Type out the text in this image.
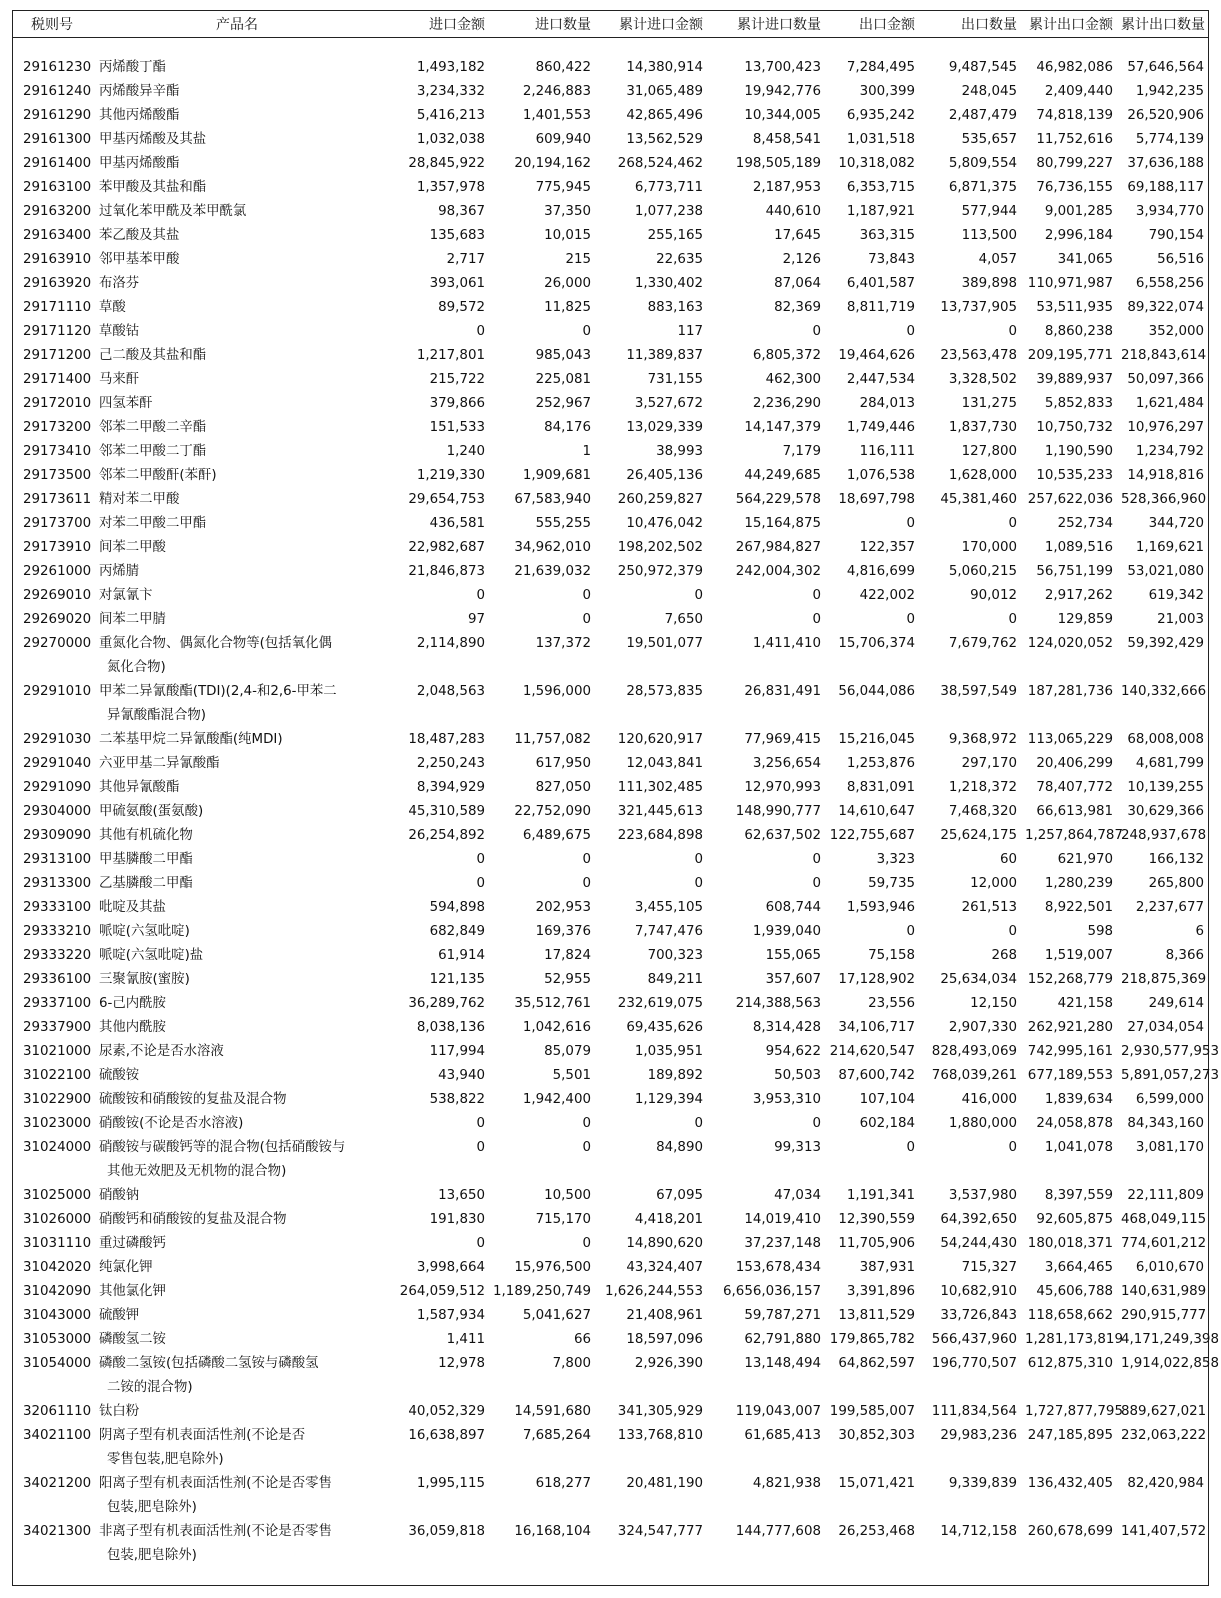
税则号	产品名	进口金额	进口数量	累计进口金额	累计进口数量	出口金额	出口数量	累计出口金额	累计出口数量

29161230	丙烯酸丁酯	1,493,182	860,422	14,380,914	13,700,423	7,284,495	9,487,545	46,982,086	57,646,564
29161240	丙烯酸异辛酯	3,234,332	2,246,883	31,065,489	19,942,776	300,399	248,045	2,409,440	1,942,235
29161290	其他丙烯酸酯	5,416,213	1,401,553	42,865,496	10,344,005	6,935,242	2,487,479	74,818,139	26,520,906
29161300	甲基丙烯酸及其盐	1,032,038	609,940	13,562,529	8,458,541	1,031,518	535,657	11,752,616	5,774,139
29161400	甲基丙烯酸酯	28,845,922	20,194,162	268,524,462	198,505,189	10,318,082	5,809,554	80,799,227	37,636,188
29163100	苯甲酸及其盐和酯	1,357,978	775,945	6,773,711	2,187,953	6,353,715	6,871,375	76,736,155	69,188,117
29163200	过氧化苯甲酰及苯甲酰氯	98,367	37,350	1,077,238	440,610	1,187,921	577,944	9,001,285	3,934,770
29163400	苯乙酸及其盐	135,683	10,015	255,165	17,645	363,315	113,500	2,996,184	790,154
29163910	邻甲基苯甲酸	2,717	215	22,635	2,126	73,843	4,057	341,065	56,516
29163920	布洛芬	393,061	26,000	1,330,402	87,064	6,401,587	389,898	110,971,987	6,558,256
29171110	草酸	89,572	11,825	883,163	82,369	8,811,719	13,737,905	53,511,935	89,322,074
29171120	草酸钴	0	0	117	0	0	0	8,860,238	352,000
29171200	己二酸及其盐和酯	1,217,801	985,043	11,389,837	6,805,372	19,464,626	23,563,478	209,195,771	218,843,614
29171400	马来酐	215,722	225,081	731,155	462,300	2,447,534	3,328,502	39,889,937	50,097,366
29172010	四氢苯酐	379,866	252,967	3,527,672	2,236,290	284,013	131,275	5,852,833	1,621,484
29173200	邻苯二甲酸二辛酯	151,533	84,176	13,029,339	14,147,379	1,749,446	1,837,730	10,750,732	10,976,297
29173410	邻苯二甲酸二丁酯	1,240	1	38,993	7,179	116,111	127,800	1,190,590	1,234,792
29173500	邻苯二甲酸酐(苯酐)	1,219,330	1,909,681	26,405,136	44,249,685	1,076,538	1,628,000	10,535,233	14,918,816
29173611	精对苯二甲酸	29,654,753	67,583,940	260,259,827	564,229,578	18,697,798	45,381,460	257,622,036	528,366,960
29173700	对苯二甲酸二甲酯	436,581	555,255	10,476,042	15,164,875	0	0	252,734	344,720
29173910	间苯二甲酸	22,982,687	34,962,010	198,202,502	267,984,827	122,357	170,000	1,089,516	1,169,621
29261000	丙烯腈	21,846,873	21,639,032	250,972,379	242,004,302	4,816,699	5,060,215	56,751,199	53,021,080
29269010	对氯氰卞	0	0	0	0	422,002	90,012	2,917,262	619,342
29269020	间苯二甲腈	97	0	7,650	0	0	0	129,859	21,003
29270000	重氮化合物、偶氮化合物等(包括氧化偶
氮化合物)	2,114,890	137,372	19,501,077	1,411,410	15,706,374	7,679,762	124,020,052	59,392,429
29291010	甲苯二异氰酸酯(TDI)(2,4-和2,6-甲苯二
异氰酸酯混合物)	2,048,563	1,596,000	28,573,835	26,831,491	56,044,086	38,597,549	187,281,736	140,332,666
29291030	二苯基甲烷二异氰酸酯(纯MDI)	18,487,283	11,757,082	120,620,917	77,969,415	15,216,045	9,368,972	113,065,229	68,008,008
29291040	六亚甲基二异氰酸酯	2,250,243	617,950	12,043,841	3,256,654	1,253,876	297,170	20,406,299	4,681,799
29291090	其他异氰酸酯	8,394,929	827,050	111,302,485	12,970,993	8,831,091	1,218,372	78,407,772	10,139,255
29304000	甲硫氨酸(蛋氨酸)	45,310,589	22,752,090	321,445,613	148,990,777	14,610,647	7,468,320	66,613,981	30,629,366
29309090	其他有机硫化物	26,254,892	6,489,675	223,684,898	62,637,502	122,755,687	25,624,175	1,257,864,787	248,937,678
29313100	甲基膦酸二甲酯	0	0	0	0	3,323	60	621,970	166,132
29313300	乙基膦酸二甲酯	0	0	0	0	59,735	12,000	1,280,239	265,800
29333100	吡啶及其盐	594,898	202,953	3,455,105	608,744	1,593,946	261,513	8,922,501	2,237,677
29333210	哌啶(六氢吡啶)	682,849	169,376	7,747,476	1,939,040	0	0	598	6
29333220	哌啶(六氢吡啶)盐	61,914	17,824	700,323	155,065	75,158	268	1,519,007	8,366
29336100	三聚氰胺(蜜胺)	121,135	52,955	849,211	357,607	17,128,902	25,634,034	152,268,779	218,875,369
29337100	6-己内酰胺	36,289,762	35,512,761	232,619,075	214,388,563	23,556	12,150	421,158	249,614
29337900	其他内酰胺	8,038,136	1,042,616	69,435,626	8,314,428	34,106,717	2,907,330	262,921,280	27,034,054
31021000	尿素,不论是否水溶液	117,994	85,079	1,035,951	954,622	214,620,547	828,493,069	742,995,161	2,930,577,953
31022100	硫酸铵	43,940	5,501	189,892	50,503	87,600,742	768,039,261	677,189,553	5,891,057,273
31022900	硫酸铵和硝酸铵的复盐及混合物	538,822	1,942,400	1,129,394	3,953,310	107,104	416,000	1,839,634	6,599,000
31023000	硝酸铵(不论是否水溶液)	0	0	0	0	602,184	1,880,000	24,058,878	84,343,160
31024000	硝酸铵与碳酸钙等的混合物(包括硝酸铵与
其他无效肥及无机物的混合物)	0	0	84,890	99,313	0	0	1,041,078	3,081,170
31025000	硝酸钠	13,650	10,500	67,095	47,034	1,191,341	3,537,980	8,397,559	22,111,809
31026000	硝酸钙和硝酸铵的复盐及混合物	191,830	715,170	4,418,201	14,019,410	12,390,559	64,392,650	92,605,875	468,049,115
31031110	重过磷酸钙	0	0	14,890,620	37,237,148	11,705,906	54,244,430	180,018,371	774,601,212
31042020	纯氯化钾	3,998,664	15,976,500	43,324,407	153,678,434	387,931	715,327	3,664,465	6,010,670
31042090	其他氯化钾	264,059,512	1,189,250,749	1,626,244,553	6,656,036,157	3,391,896	10,682,910	45,606,788	140,631,989
31043000	硫酸钾	1,587,934	5,041,627	21,408,961	59,787,271	13,811,529	33,726,843	118,658,662	290,915,777
31053000	磷酸氢二铵	1,411	66	18,597,096	62,791,880	179,865,782	566,437,960	1,281,173,819	4,171,249,398
31054000	磷酸二氢铵(包括磷酸二氢铵与磷酸氢
二铵的混合物)	12,978	7,800	2,926,390	13,148,494	64,862,597	196,770,507	612,875,310	1,914,022,858
32061110	钛白粉	40,052,329	14,591,680	341,305,929	119,043,007	199,585,007	111,834,564	1,727,877,795	889,627,021
34021100	阴离子型有机表面活性剂(不论是否
零售包装,肥皂除外)	16,638,897	7,685,264	133,768,810	61,685,413	30,852,303	29,983,236	247,185,895	232,063,222
34021200	阳离子型有机表面活性剂(不论是否零售
包装,肥皂除外)	1,995,115	618,277	20,481,190	4,821,938	15,071,421	9,339,839	136,432,405	82,420,984
34021300	非离子型有机表面活性剂(不论是否零售
包装,肥皂除外)	36,059,818	16,168,104	324,547,777	144,777,608	26,253,468	14,712,158	260,678,699	141,407,572
